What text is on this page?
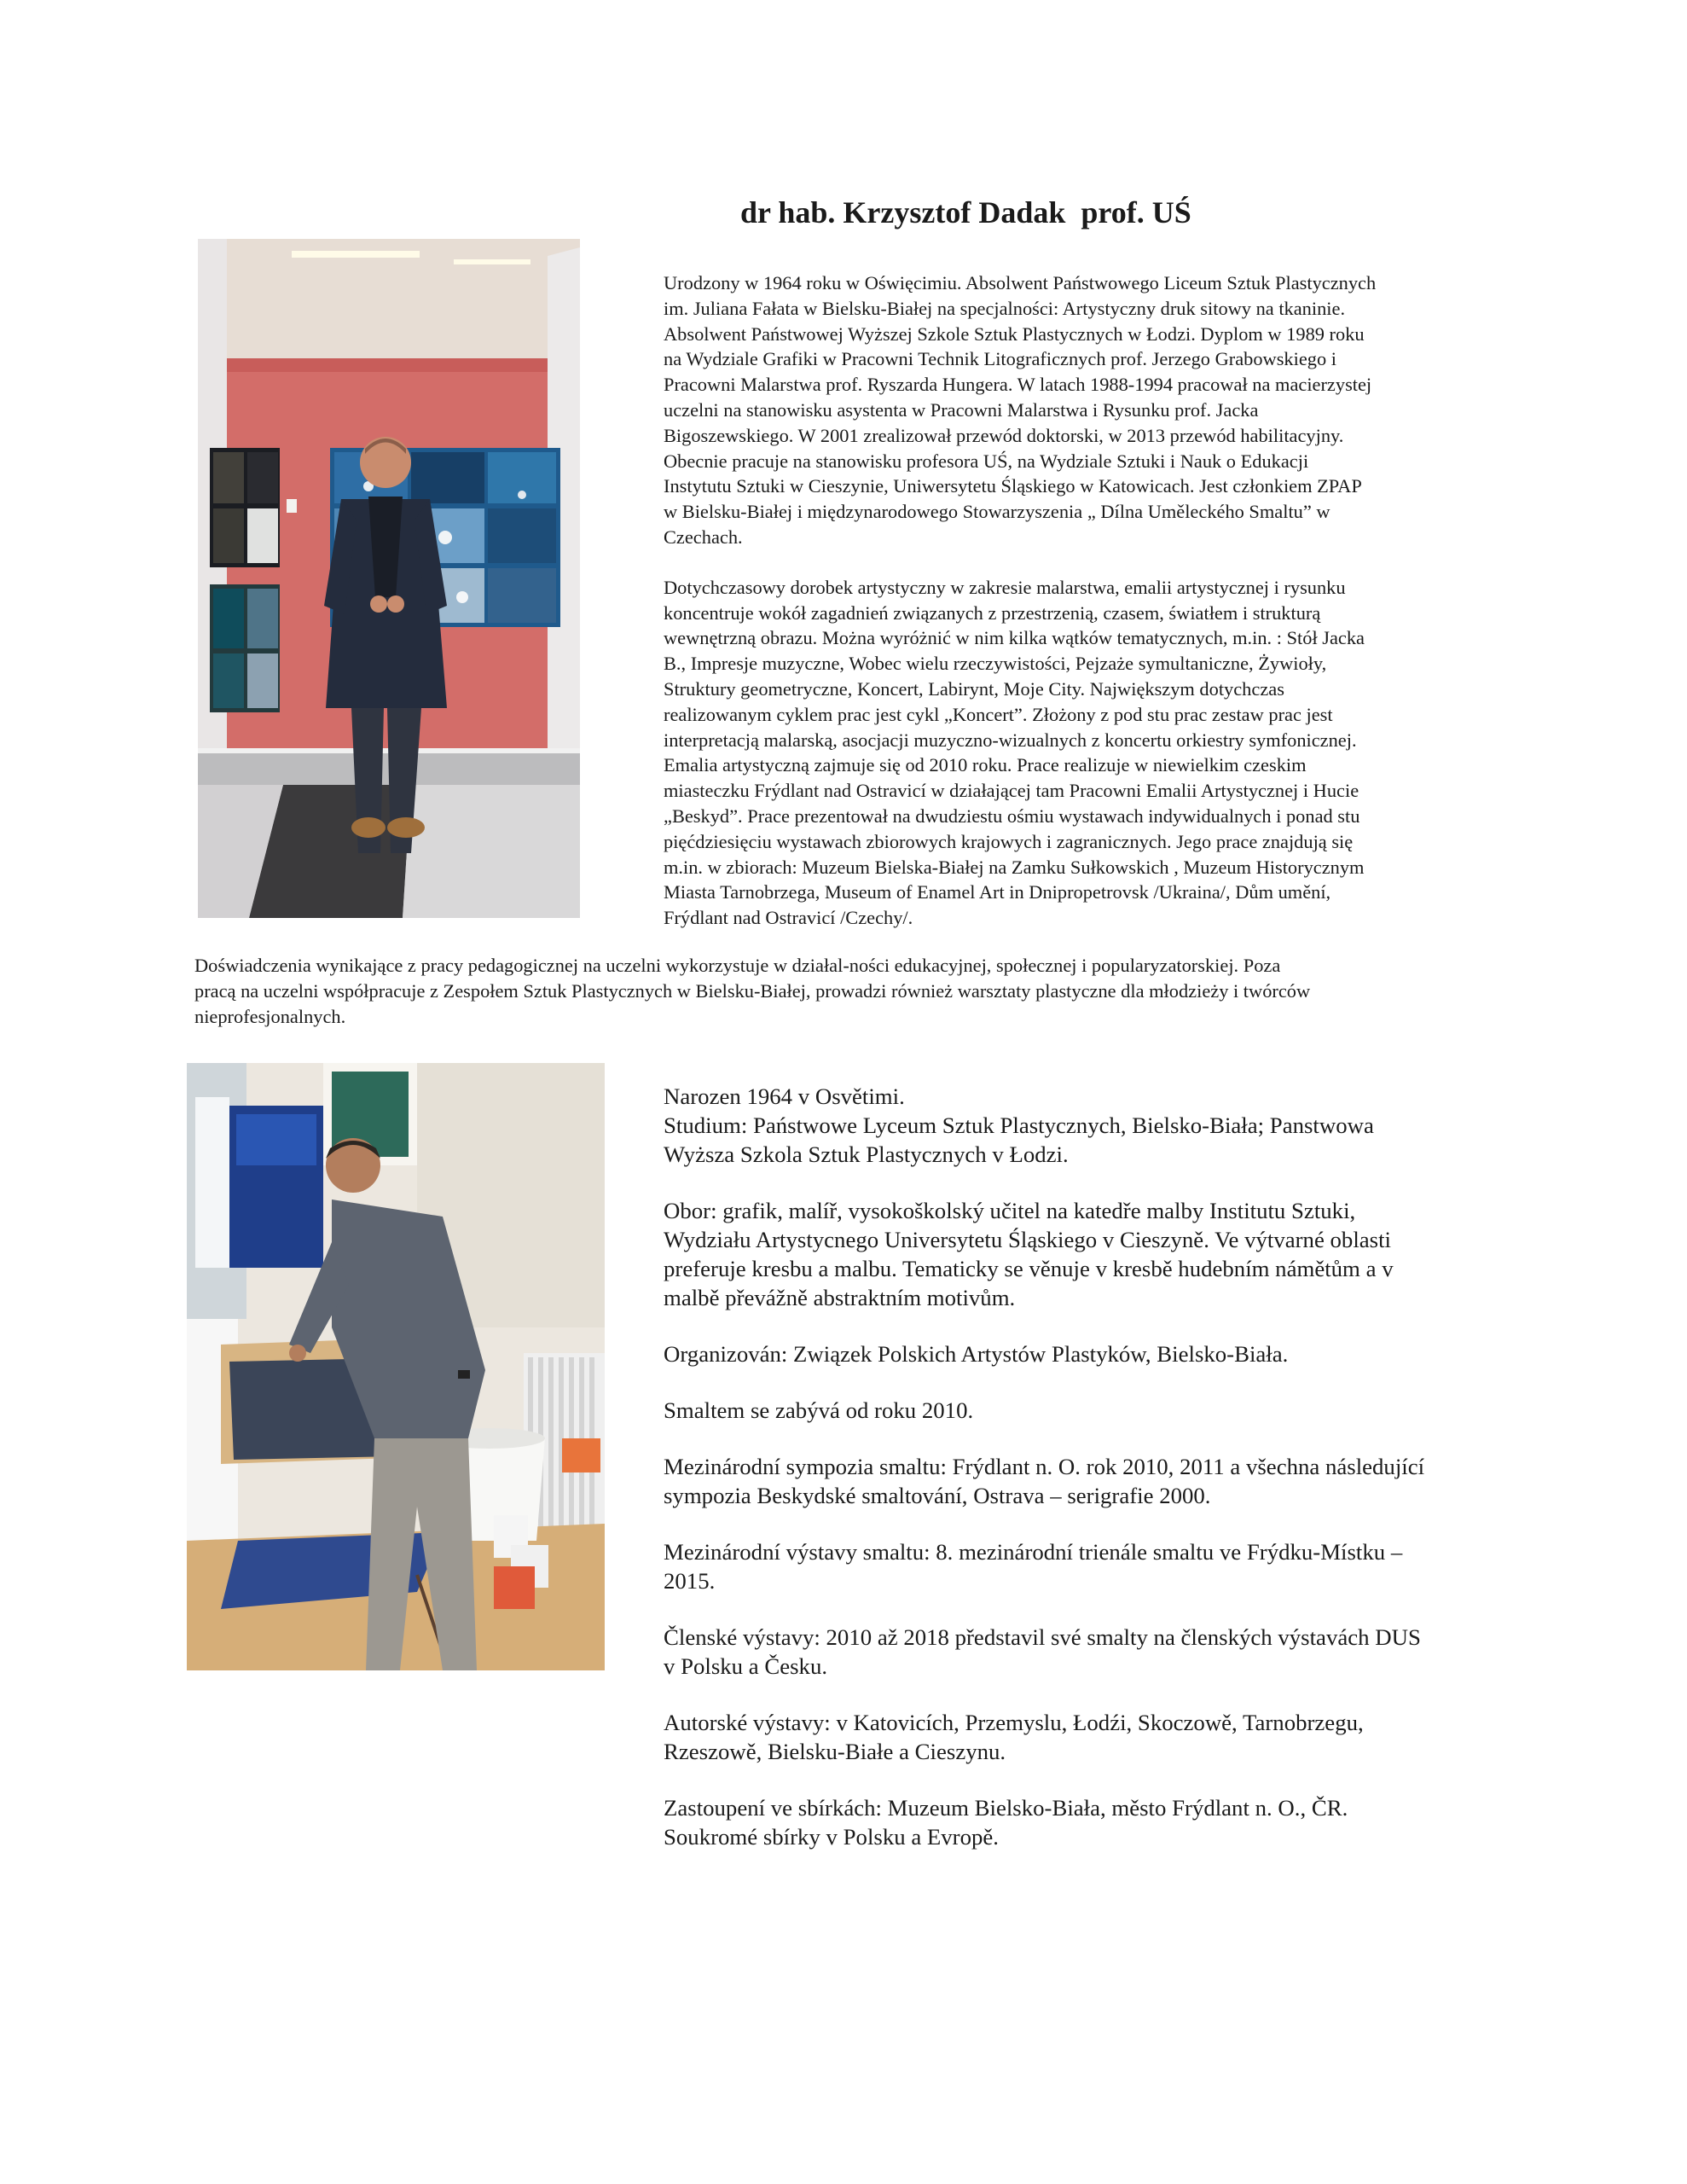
dr hab. Krzysztof Dadak  prof. UŚ

Urodzony w 1964 roku w Oświęcimiu. Absolwent Państwowego Liceum Sztuk Plastycznych
im. Juliana Fałata w Bielsku-Białej na specjalności: Artystyczny druk sitowy na tkaninie.
Absolwent Państwowej Wyższej Szkole Sztuk Plastycznych w Łodzi. Dyplom w 1989 roku
na Wydziale Grafiki w Pracowni Technik Litograficznych prof. Jerzego Grabowskiego i
Pracowni Malarstwa prof. Ryszarda Hungera. W latach 1988-1994 pracował na macierzystej
uczelni na stanowisku asystenta w Pracowni Malarstwa i Rysunku prof. Jacka
Bigoszewskiego. W 2001 zrealizował przewód doktorski, w 2013 przewód habilitacyjny.
Obecnie pracuje na stanowisku profesora UŚ, na Wydziale Sztuki i Nauk o Edukacji
Instytutu Sztuki w Cieszynie, Uniwersytetu Śląskiego w Katowicach. Jest członkiem ZPAP
w Bielsku-Białej i międzynarodowego Stowarzyszenia „ Dílna Uměleckého Smaltu” w
Czechach.

Dotychczasowy dorobek artystyczny w zakresie malarstwa, emalii artystycznej i rysunku
koncentruje wokół zagadnień związanych z przestrzenią, czasem, światłem i strukturą
wewnętrzną obrazu. Można wyróżnić w nim kilka wątków tematycznych, m.in. : Stół Jacka
B., Impresje muzyczne, Wobec wielu rzeczywistości, Pejzaże symultaniczne, Żywioły,
Struktury geometryczne, Koncert, Labirynt, Moje City. Największym dotychczas
realizowanym cyklem prac jest cykl „Koncert”. Złożony z pod stu prac zestaw prac jest
interpretacją malarską, asocjacji muzyczno-wizualnych z koncertu orkiestry symfonicznej.
Emalia artystyczną zajmuje się od 2010 roku. Prace realizuje w niewielkim czeskim
miasteczku Frýdlant nad Ostravicí w działającej tam Pracowni Emalii Artystycznej i Hucie
„Beskyd”. Prace prezentował na dwudziestu ośmiu wystawach indywidualnych i ponad stu
pięćdziesięciu wystawach zbiorowych krajowych i zagranicznych. Jego prace znajdują się
m.in. w zbiorach: Muzeum Bielska-Białej na Zamku Sułkowskich , Muzeum Historycznym
Miasta Tarnobrzega, Museum of Enamel Art in Dnipropetrovsk /Ukraina/, Dům umění,
Frýdlant nad Ostravicí /Czechy/.

Doświadczenia wynikające z pracy pedagogicznej na uczelni wykorzystuje w działal-ności edukacyjnej, społecznej i popularyzatorskiej. Poza
pracą na uczelni współpracuje z Zespołem Sztuk Plastycznych w Bielsku-Białej, prowadzi również warsztaty plastyczne dla młodzieży i twórców
nieprofesjonalnych.

Narozen 1964 v Osvětimi.
Studium: Państwowe Lyceum Sztuk Plastycznych, Bielsko-Biała; Panstwowa
Wyższa Szkola Sztuk Plastycznych v Łodzi.

Obor: grafik, malíř, vysokoškolský učitel na katedře malby Institutu Sztuki,
Wydziału Artystycnego Universytetu Śląskiego v Cieszyně. Ve výtvarné oblasti
preferuje kresbu a malbu. Tematicky se věnuje v kresbě hudebním námětům a v
malbě převážně abstraktním motivům.

Organizován: Związek Polskich Artystów Plastyków, Bielsko-Biała.

Smaltem se zabývá od roku 2010.

Mezinárodní sympozia smaltu: Frýdlant n. O. rok 2010, 2011 a všechna následující
sympozia Beskydské smaltování, Ostrava – serigrafie 2000.

Mezinárodní výstavy smaltu: 8. mezinárodní trienále smaltu ve Frýdku-Místku –
2015.

Členské výstavy: 2010 až 2018 představil své smalty na členských výstavách DUS
v Polsku a Česku.

Autorské výstavy: v Katovicích, Przemyslu, Łodźi, Skoczowě, Tarnobrzegu,
Rzeszowě, Bielsku-Białe a Cieszynu.

Zastoupení ve sbírkách: Muzeum Bielsko-Biała, město Frýdlant n. O., ČR.
Soukromé sbírky v Polsku a Evropě.
